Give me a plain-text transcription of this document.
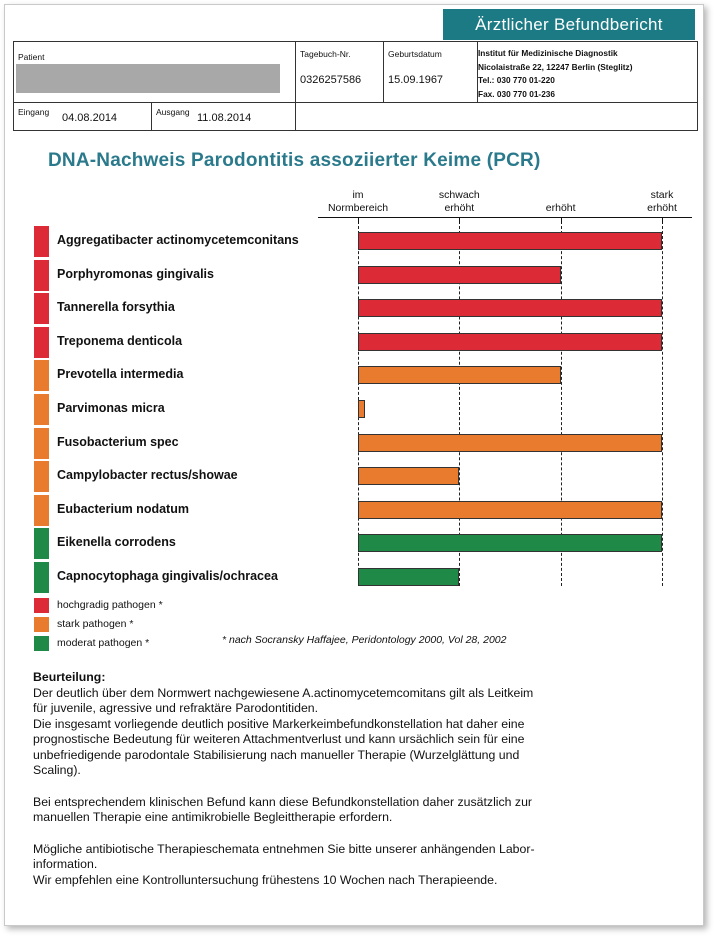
Ärztlicher Befundbericht
Patient	Tagebuch-Nr.
0326257586
Geburtsdatum
15.09.1967
Institut für Medizinische Diagnostik
Nicolaistraße 22, 12247 Berlin (Steglitz)
Tel.: 030 770 01-220
Fax. 030 770 01-236
Eingang 04.08.2014	Ausgang 11.08.2014
DNA-Nachweis Parodontitis assoziierter Keime (PCR)
im
Normbereich
schwach
erhöht
	erhöht
stark
erhöht
Aggregatibacter actinomycetemconitans
Porphyromonas gingivalis
Tannerella forsythia
Treponema denticola
Prevotella intermedia
Parvimonas micra
Fusobacterium spec
Campylobacter rectus/showae
Eubacterium nodatum
Eikenella corrodens
Capnocytophaga gingivalis/ochracea
hochgradig pathogen *
stark pathogen *
moderat pathogen *	* nach Socransky Haffajee, Peridontology 2000, Vol 28, 2002
Beurteilung:
Der deutlich über dem Normwert nachgewiesene A.actinomycetemcomitans gilt als Leitkeim
für juvenile, agressive und refraktäre Parodontitiden.
Die insgesamt vorliegende deutlich positive Markerkeimbefundkonstellation hat daher eine
prognostische Bedeutung für weiteren Attachmentverlust und kann ursächlich sein für eine
unbefriedigende parodontale Stabilisierung nach manueller Therapie (Wurzelglättung und
Scaling).
Bei entsprechendem klinischen Befund kann diese Befundkonstellation daher zusätzlich zur
manuellen Therapie eine antimikrobielle Begleittherapie erfordern.
Mögliche antibiotische Therapieschemata entnehmen Sie bitte unserer anhängenden Labor-
information.
Wir empfehlen eine Kontrolluntersuchung frühestens 10 Wochen nach Therapieende.
